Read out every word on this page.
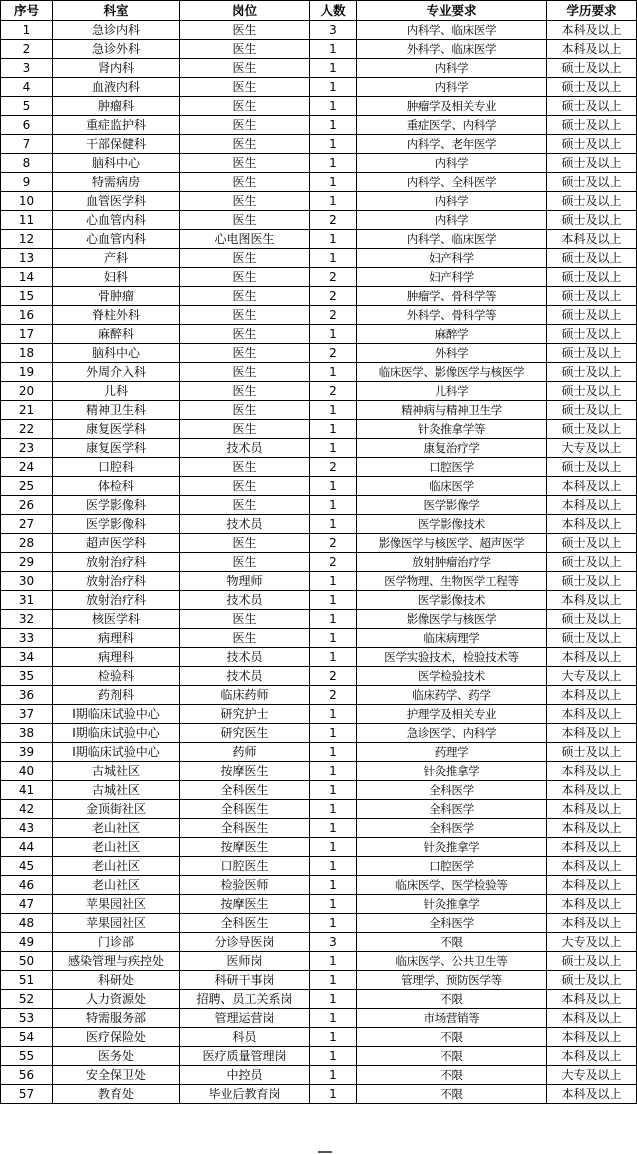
序号	科室	岗位	人数	专业要求	学历要求
1	急诊内科	医生	3	内科学、临床医学	本科及以上
2	急诊外科	医生	1	外科学、临床医学	本科及以上
3	肾内科	医生	1	内科学	硕士及以上
4	血液内科	医生	1	内科学	硕士及以上
5	肿瘤科	医生	1	肿瘤学及相关专业	硕士及以上
6	重症监护科	医生	1	重症医学、内科学	硕士及以上
7	干部保健科	医生	1	内科学、老年医学	硕士及以上
8	脑科中心	医生	1	内科学	硕士及以上
9	特需病房	医生	1	内科学、全科医学	硕士及以上
10	血管医学科	医生	1	内科学	硕士及以上
11	心血管内科	医生	2	内科学	硕士及以上
12	心血管内科	心电图医生	1	内科学、临床医学	本科及以上
13	产科	医生	1	妇产科学	硕士及以上
14	妇科	医生	2	妇产科学	硕士及以上
15	骨肿瘤	医生	2	肿瘤学、骨科学等	硕士及以上
16	脊柱外科	医生	2	外科学、骨科学等	硕士及以上
17	麻醉科	医生	1	麻醉学	硕士及以上
18	脑科中心	医生	2	外科学	硕士及以上
19	外周介入科	医生	1	临床医学、影像医学与核医学	硕士及以上
20	儿科	医生	2	儿科学	硕士及以上
21	精神卫生科	医生	1	精神病与精神卫生学	硕士及以上
22	康复医学科	医生	1	针灸推拿学等	硕士及以上
23	康复医学科	技术员	1	康复治疗学	大专及以上
24	口腔科	医生	2	口腔医学	硕士及以上
25	体检科	医生	1	临床医学	本科及以上
26	医学影像科	医生	1	医学影像学	本科及以上
27	医学影像科	技术员	1	医学影像技术	本科及以上
28	超声医学科	医生	2	影像医学与核医学、超声医学	硕士及以上
29	放射治疗科	医生	2	放射肿瘤治疗学	硕士及以上
30	放射治疗科	物理师	1	医学物理、生物医学工程等	硕士及以上
31	放射治疗科	技术员	1	医学影像技术	本科及以上
32	核医学科	医生	1	影像医学与核医学	硕士及以上
33	病理科	医生	1	临床病理学	硕士及以上
34	病理科	技术员	1	医学实验技术，检验技术等	本科及以上
35	检验科	技术员	2	医学检验技术	大专及以上
36	药剂科	临床药师	2	临床药学、药学	本科及以上
37	Ⅰ期临床试验中心	研究护士	1	护理学及相关专业	本科及以上
38	Ⅰ期临床试验中心	研究医生	1	急诊医学、内科学	本科及以上
39	Ⅰ期临床试验中心	药师	1	药理学	硕士及以上
40	古城社区	按摩医生	1	针灸推拿学	本科及以上
41	古城社区	全科医生	1	全科医学	本科及以上
42	金顶街社区	全科医生	1	全科医学	本科及以上
43	老山社区	全科医生	1	全科医学	本科及以上
44	老山社区	按摩医生	1	针灸推拿学	本科及以上
45	老山社区	口腔医生	1	口腔医学	本科及以上
46	老山社区	检验医师	1	临床医学、医学检验等	本科及以上
47	苹果园社区	按摩医生	1	针灸推拿学	本科及以上
48	苹果园社区	全科医生	1	全科医学	本科及以上
49	门诊部	分诊导医岗	3	不限	大专及以上
50	感染管理与疾控处	医师岗	1	临床医学、公共卫生等	硕士及以上
51	科研处	科研干事岗	1	管理学、预防医学等	硕士及以上
52	人力资源处	招聘、员工关系岗	1	不限	本科及以上
53	特需服务部	管理运营岗	1	市场营销等	本科及以上
54	医疗保险处	科员	1	不限	本科及以上
55	医务处	医疗质量管理岗	1	不限	本科及以上
56	安全保卫处	中控员	1	不限	大专及以上
57	教育处	毕业后教育岗	1	不限	本科及以上
